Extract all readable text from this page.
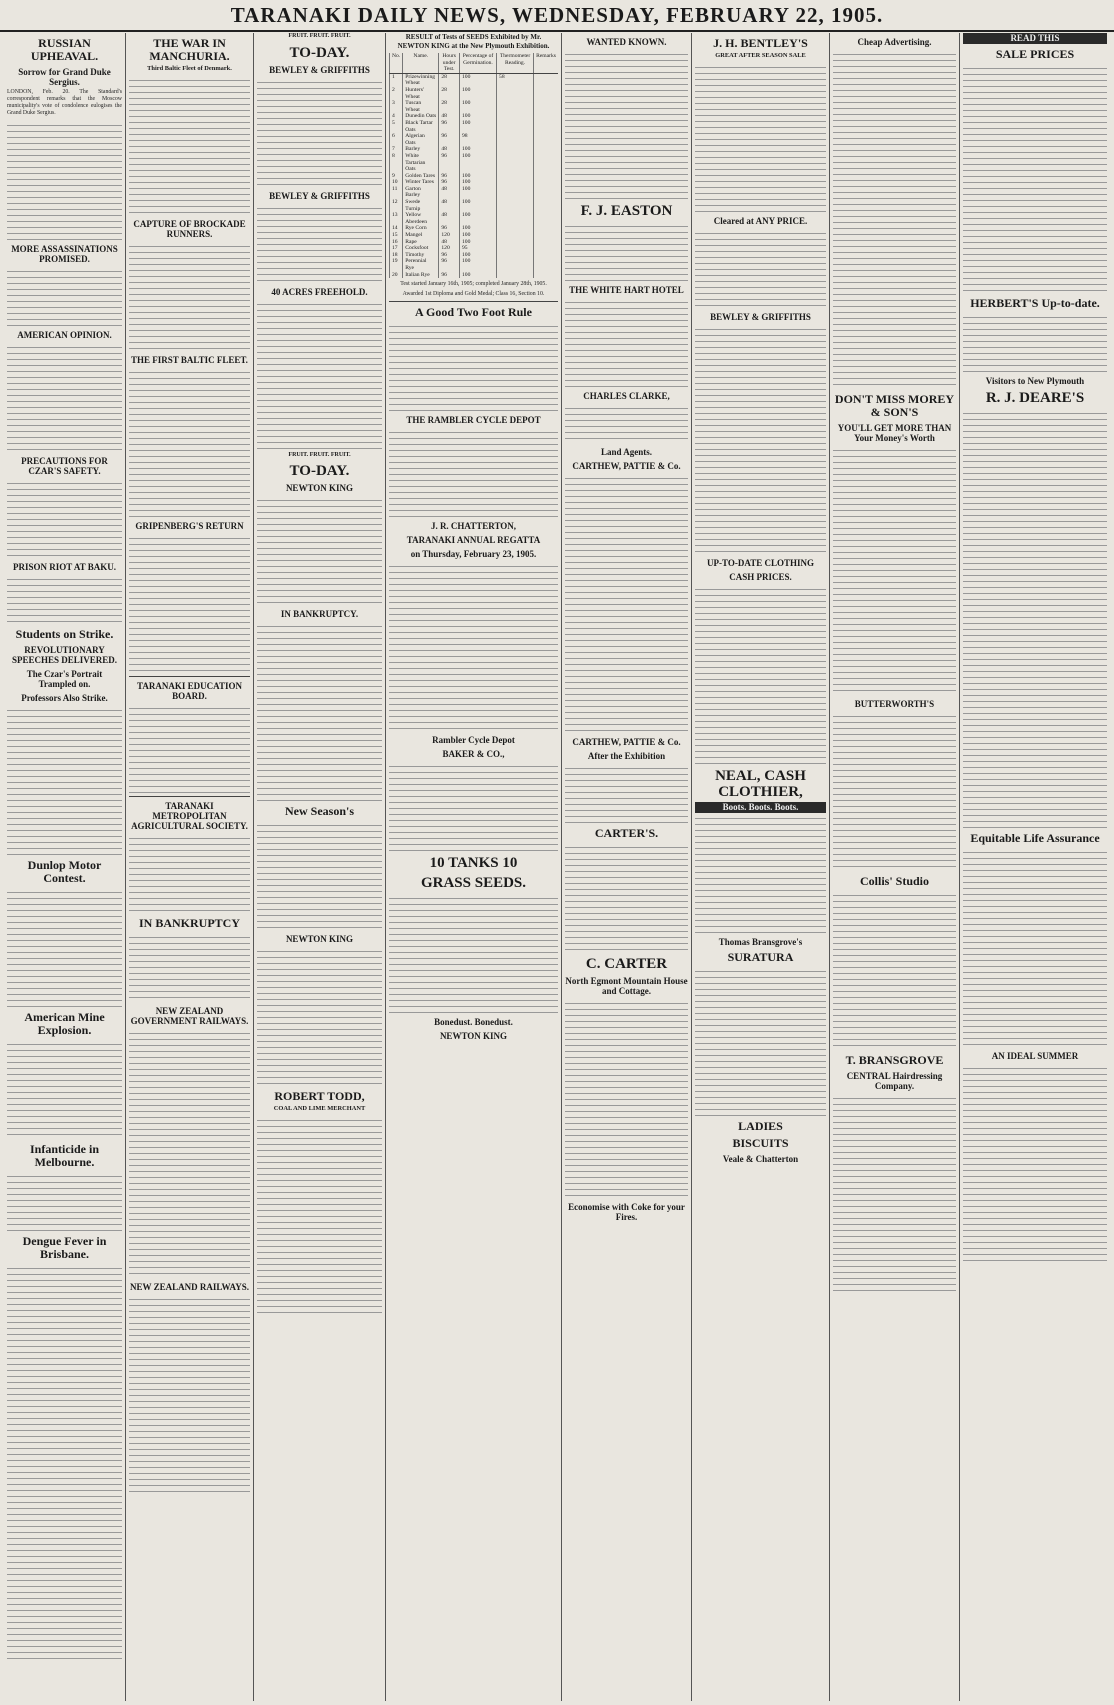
TARANAKI DAILY NEWS, WEDNESDAY, FEBRUARY 22, 1905.
RUSSIAN UPHEAVAL.
Sorrow for Grand Duke Sergius.
LONDON, Feb. 20. The Standard's correspondent remarks that the Moscow municipality's vote of condolence eulogises the Grand Duke Sergius.
MORE ASSASSINATIONS PROMISED.
AMERICAN OPINION.
PRECAUTIONS FOR CZAR'S SAFETY.
PRISON RIOT AT BAKU.
Students on Strike.
REVOLUTIONARY SPEECHES DELIVERED.
The Czar's Portrait Trampled on.
Professors Also Strike.
Dunlop Motor Contest.
American Mine Explosion.
Infanticide in Melbourne.
Dengue Fever in Brisbane.
THE WAR IN MANCHURIA.
Third Baltic Fleet of Denmark.
CAPTURE OF BROCKADE RUNNERS.
THE FIRST BALTIC FLEET.
GRIPENBERG'S RETURN
TARANAKI EDUCATION BOARD.
TARANAKI METROPOLITAN AGRICULTURAL SOCIETY.
IN BANKRUPTCY
NEW ZEALAND GOVERNMENT RAILWAYS.
NEW ZEALAND RAILWAYS.
FRUIT. FRUIT. FRUIT.
TO-DAY.
BEWLEY & GRIFFITHS
BEWLEY & GRIFFITHS
40 ACRES FREEHOLD.
FRUIT. FRUIT. FRUIT.
TO-DAY.
NEWTON KING
IN BANKRUPTCY.
New Season's
NEWTON KING
ROBERT TODD,
COAL AND LIME MERCHANT
RESULT of Tests of SEEDS Exhibited by Mr. NEWTON KING at the New Plymouth Exhibition.
No.	Name.	Hours under Test.	Percentage of Germination.	Thermometer Reading.	Remarks
1	Prizewinning Wheat	28	100	58	
2	Hunters' Wheat	28	100		
3	Tuscan Wheat	28	100		
4	Dunedin Oats	48	100		
5	Black Tartar Oats	96	100		
6	Algerian Oats	96	98		
7	Barley	48	100		
8	White Tartarian Oats	96	100		
9	Golden Tares	96	100		
10	Winter Tares	96	100		
11	Garton Barley	48	100		
12	Swede Turnip	48	100		
13	Yellow Aberdeen	48	100		
14	Rye Corn	96	100		
15	Mangel	120	100		
16	Rape	48	100		
17	Cocksfoot	120	95		
18	Timothy	96	100		
19	Perennial Rye	96	100		
20	Italian Rye	96	100		
Test started January 16th, 1905; completed January 28th, 1905.
Awarded 1st Diploma and Gold Medal; Class 16, Section 10.
A Good Two Foot Rule
THE RAMBLER CYCLE DEPOT
J. R. CHATTERTON,
TARANAKI ANNUAL REGATTA
on Thursday, February 23, 1905.
Rambler Cycle Depot
BAKER & CO.,
10 TANKS 10
GRASS SEEDS.
Bonedust. Bonedust.
NEWTON KING
WANTED KNOWN.
F. J. EASTON
THE WHITE HART HOTEL
CHARLES CLARKE,
Land Agents.
CARTHEW, PATTIE & Co.
CARTHEW, PATTIE & Co.
After the Exhibition
CARTER'S.
C. CARTER
North Egmont Mountain House and Cottage.
Economise with Coke for your Fires.
J. H. BENTLEY'S
GREAT AFTER SEASON SALE
Cleared at ANY PRICE.
BEWLEY & GRIFFITHS
UP-TO-DATE CLOTHING
CASH PRICES.
NEAL, CASH CLOTHIER,
Boots. Boots. Boots.
Thomas Bransgrove's
SURATURA
LADIES
BISCUITS
Veale & Chatterton
Cheap Advertising.
DON'T MISS MOREY & SON'S
YOU'LL GET MORE THAN Your Money's Worth
BUTTERWORTH'S
Collis' Studio
T. BRANSGROVE
CENTRAL Hairdressing Company.
READ THIS
SALE PRICES
HERBERT'S Up-to-date.
Visitors to New Plymouth
R. J. DEARE'S
Equitable Life Assurance
AN IDEAL SUMMER
